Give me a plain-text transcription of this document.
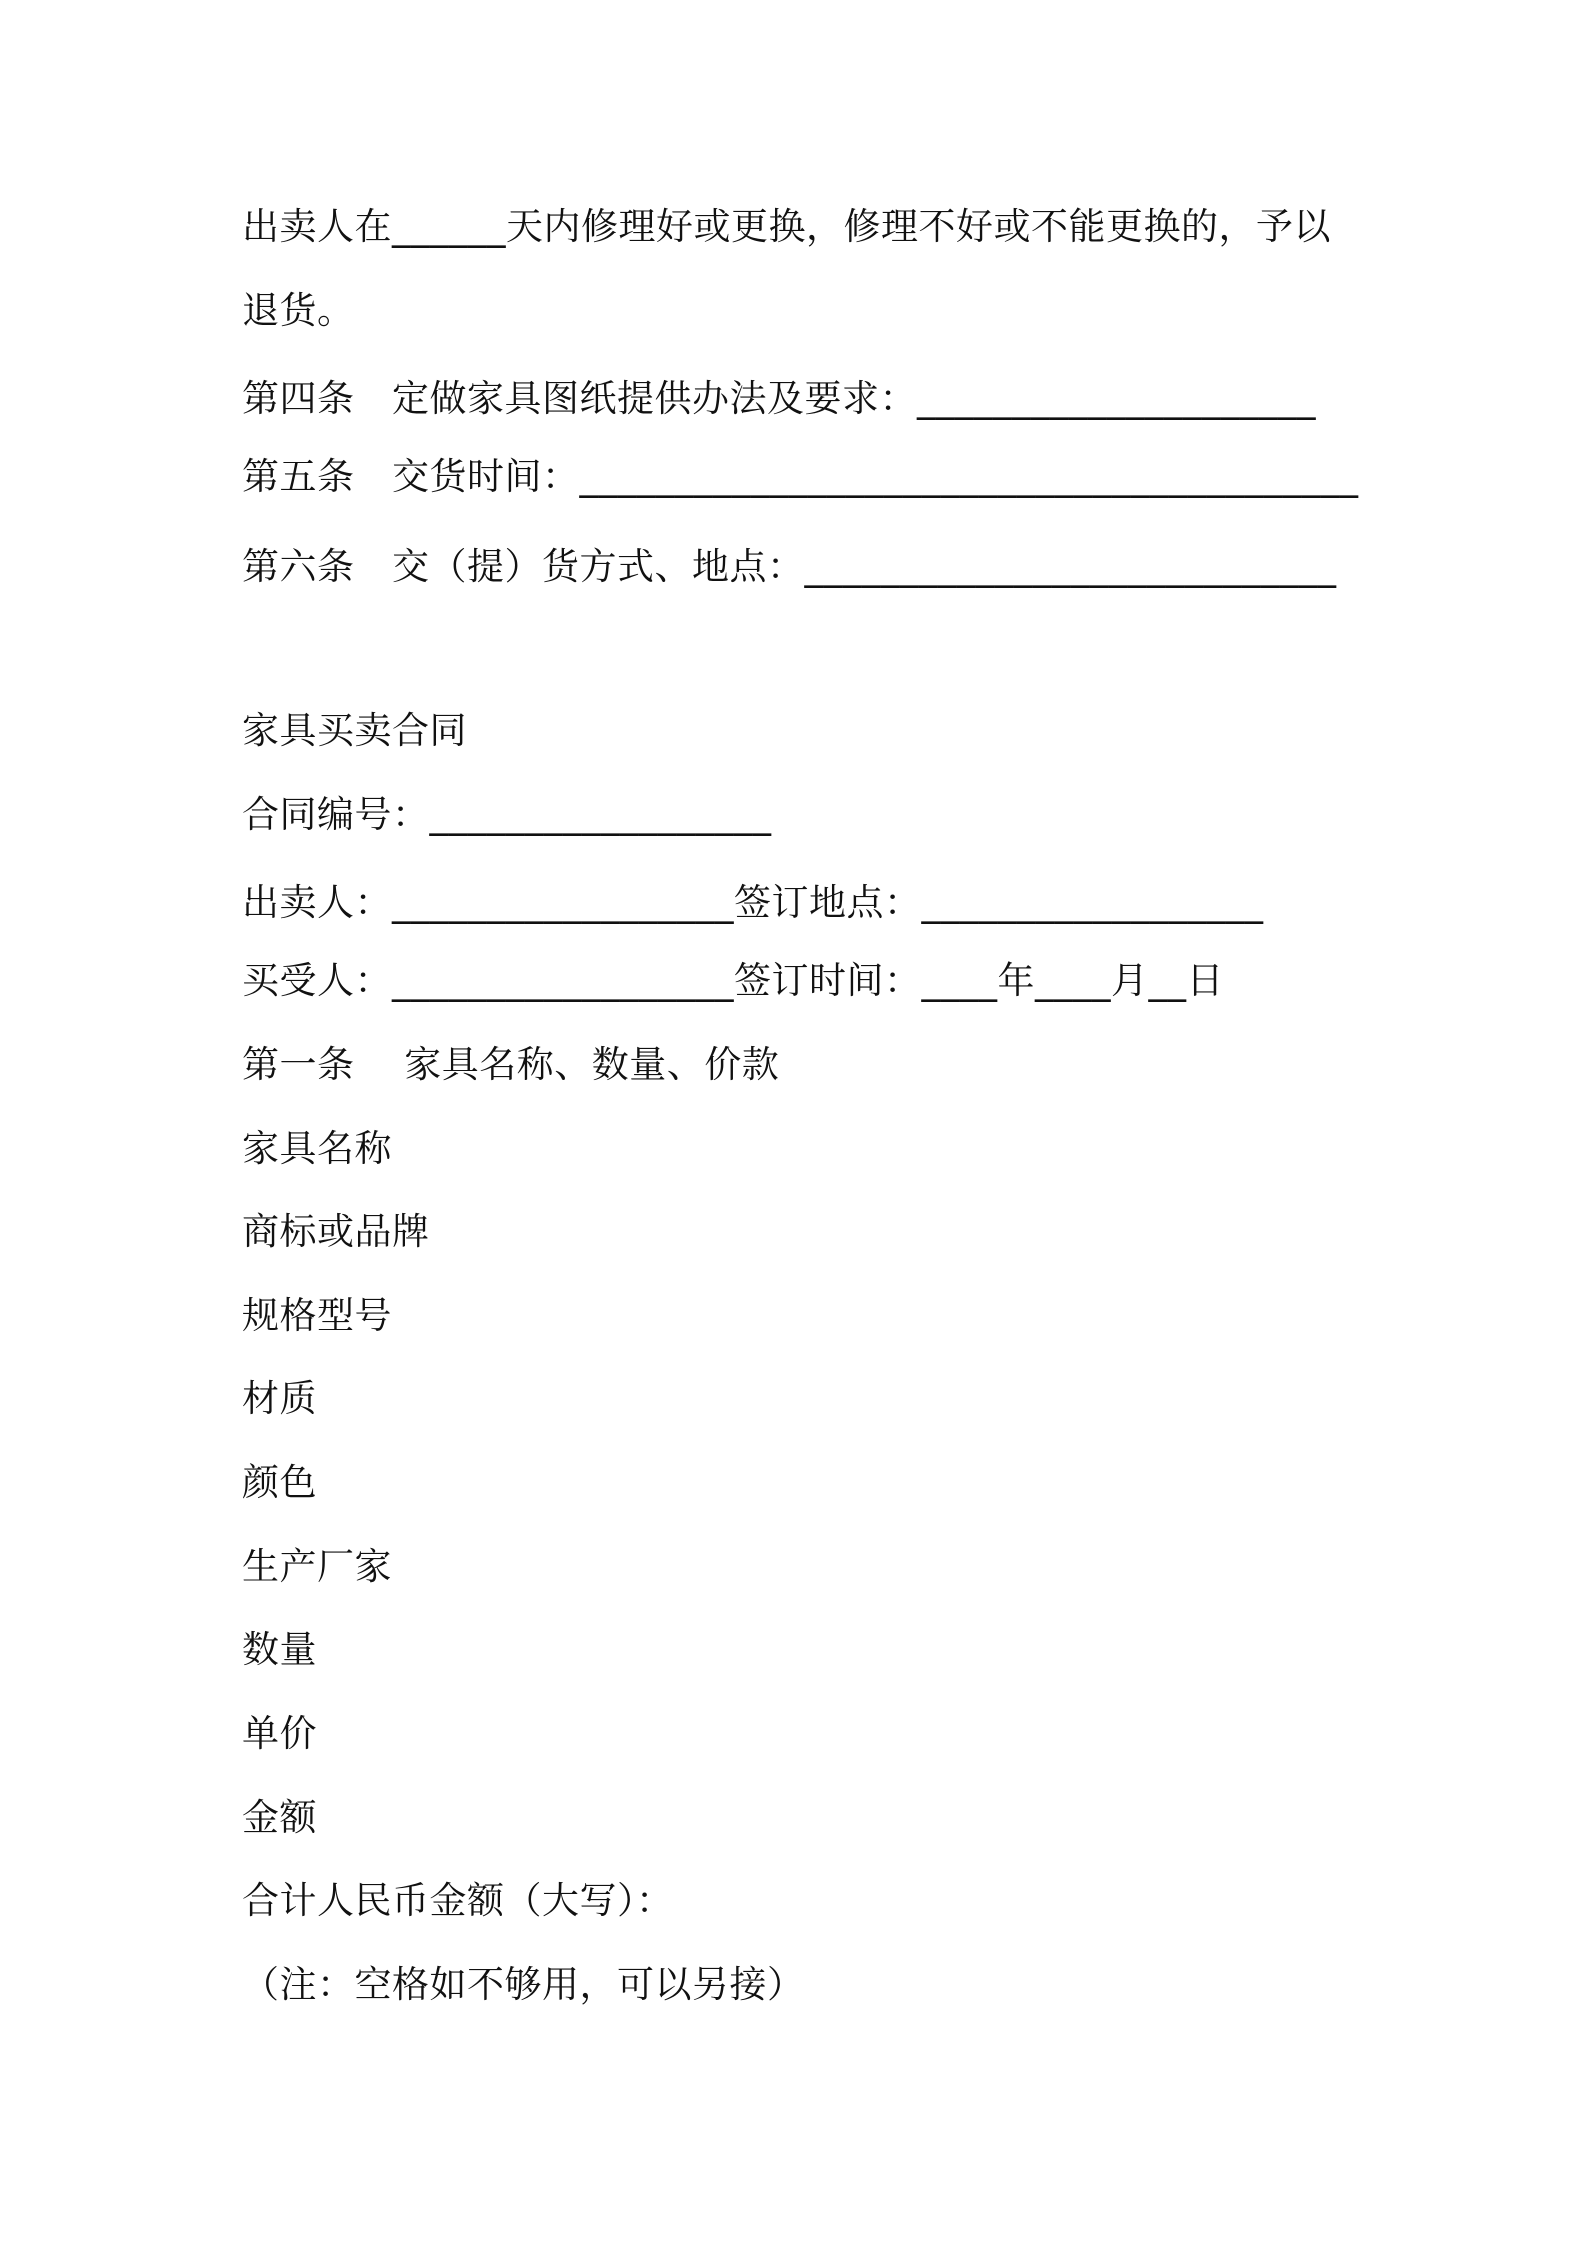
出卖人在______天内修理好或更换，修理不好或不能更换的，予以
退货。
第四条　定做家具图纸提供办法及要求：_____________________
第五条　交货时间：_________________________________________
第六条　交（提）货方式、地点：____________________________
家具买卖合同
合同编号：__________________
出卖人：__________________签订地点：__________________
买受人：__________________签订时间：____年____月__日
第一条　 家具名称、数量、价款
家具名称
商标或品牌
规格型号
材质
颜色
生产厂家
数量
单价
金额
合计人民币金额（大写）：
（注：空格如不够用，可以另接）
